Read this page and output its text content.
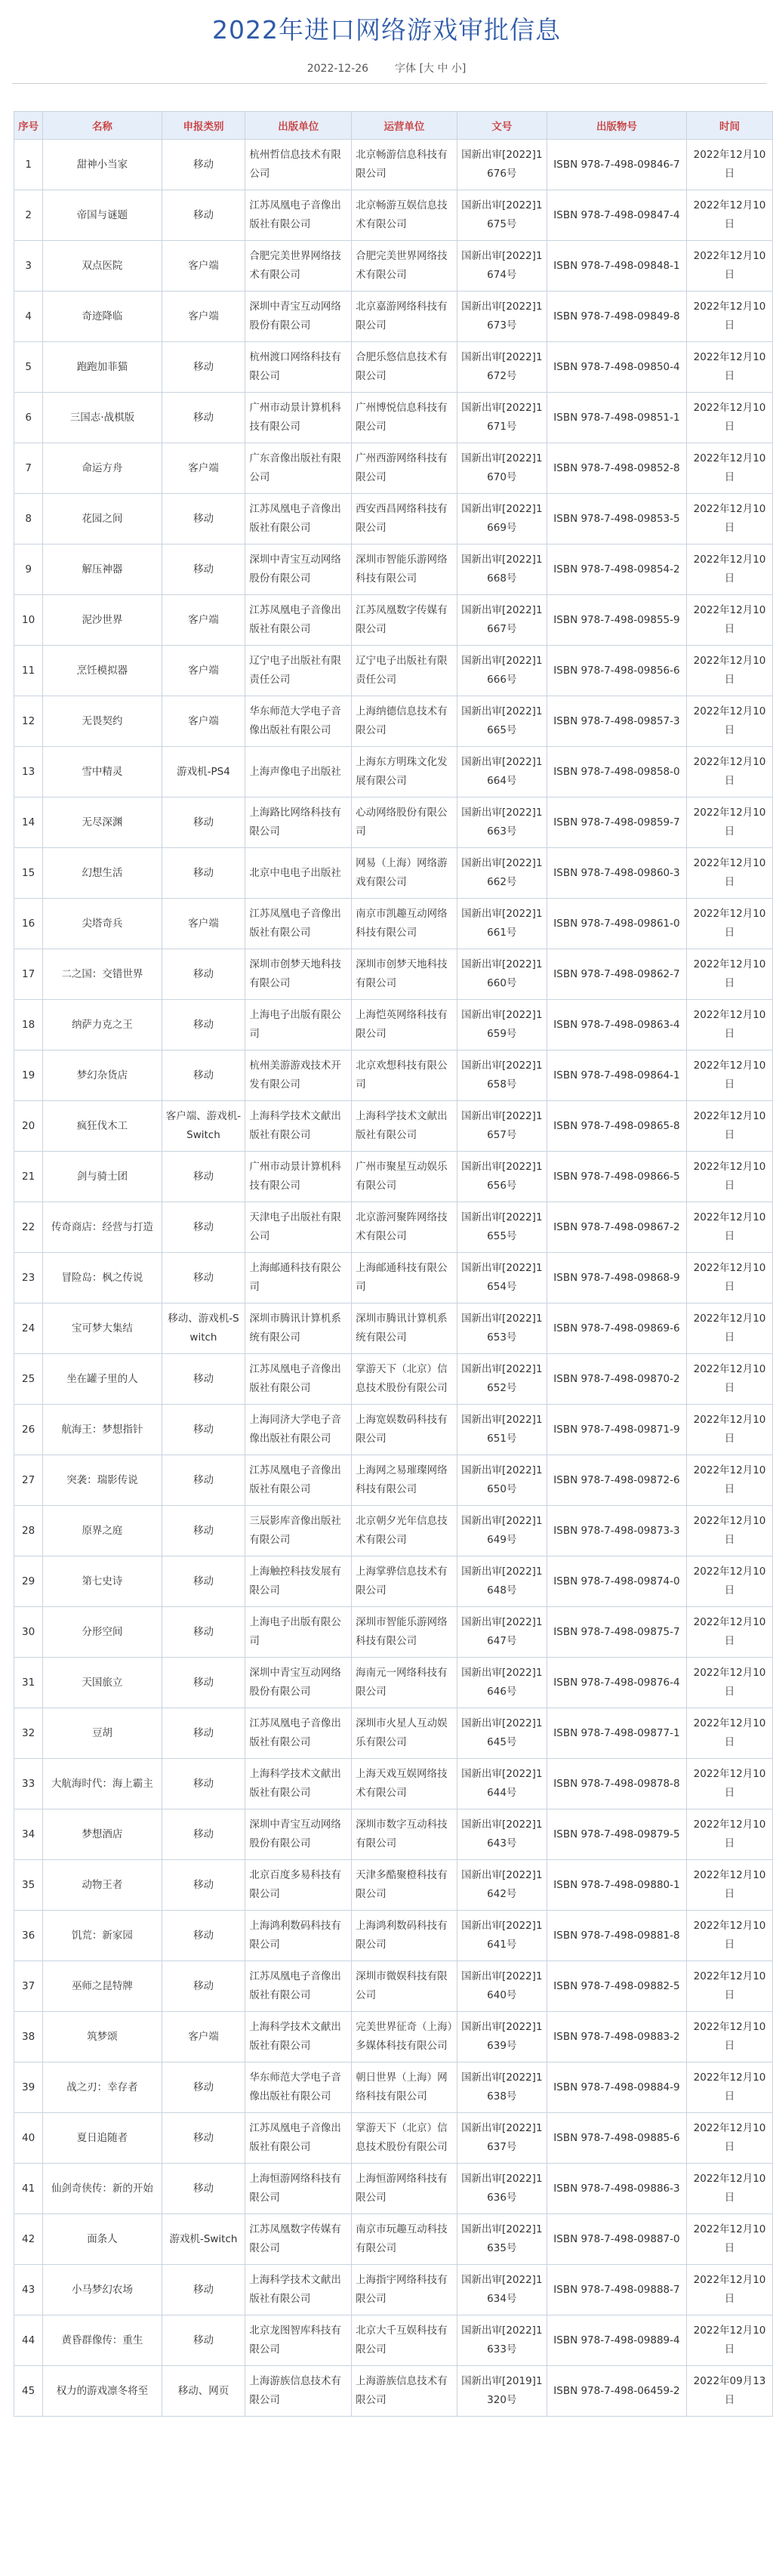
2022年进口网络游戏审批信息
2022-12-26 字体 [大 中 小]
序号	名称	申报类别	出版单位	运营单位	文号	出版物号	时间
1	甜神小当家	移动	杭州哲信息技术有限公司	北京畅游信息科技有限公司	国新出审[2022]1676号	ISBN 978-7-498-09846-7	2022年12月10日
2	帝国与谜题	移动	江苏凤凰电子音像出版社有限公司	北京畅游互娱信息技术有限公司	国新出审[2022]1675号	ISBN 978-7-498-09847-4	2022年12月10日
3	双点医院	客户端	合肥完美世界网络技术有限公司	合肥完美世界网络技术有限公司	国新出审[2022]1674号	ISBN 978-7-498-09848-1	2022年12月10日
4	奇迹降临	客户端	深圳中青宝互动网络股份有限公司	北京嘉游网络科技有限公司	国新出审[2022]1673号	ISBN 978-7-498-09849-8	2022年12月10日
5	跑跑加菲猫	移动	杭州渡口网络科技有限公司	合肥乐悠信息技术有限公司	国新出审[2022]1672号	ISBN 978-7-498-09850-4	2022年12月10日
6	三国志·战棋版	移动	广州市动景计算机科技有限公司	广州博悦信息科技有限公司	国新出审[2022]1671号	ISBN 978-7-498-09851-1	2022年12月10日
7	命运方舟	客户端	广东音像出版社有限公司	广州西游网络科技有限公司	国新出审[2022]1670号	ISBN 978-7-498-09852-8	2022年12月10日
8	花园之间	移动	江苏凤凰电子音像出版社有限公司	西安西昌网络科技有限公司	国新出审[2022]1669号	ISBN 978-7-498-09853-5	2022年12月10日
9	解压神器	移动	深圳中青宝互动网络股份有限公司	深圳市智能乐游网络科技有限公司	国新出审[2022]1668号	ISBN 978-7-498-09854-2	2022年12月10日
10	泥沙世界	客户端	江苏凤凰电子音像出版社有限公司	江苏凤凰数字传媒有限公司	国新出审[2022]1667号	ISBN 978-7-498-09855-9	2022年12月10日
11	烹饪模拟器	客户端	辽宁电子出版社有限责任公司	辽宁电子出版社有限责任公司	国新出审[2022]1666号	ISBN 978-7-498-09856-6	2022年12月10日
12	无畏契约	客户端	华东师范大学电子音像出版社有限公司	上海纳德信息技术有限公司	国新出审[2022]1665号	ISBN 978-7-498-09857-3	2022年12月10日
13	雪中精灵	游戏机-PS4	上海声像电子出版社	上海东方明珠文化发展有限公司	国新出审[2022]1664号	ISBN 978-7-498-09858-0	2022年12月10日
14	无尽深渊	移动	上海路比网络科技有限公司	心动网络股份有限公司	国新出审[2022]1663号	ISBN 978-7-498-09859-7	2022年12月10日
15	幻想生活	移动	北京中电电子出版社	网易（上海）网络游戏有限公司	国新出审[2022]1662号	ISBN 978-7-498-09860-3	2022年12月10日
16	尖塔奇兵	客户端	江苏凤凰电子音像出版社有限公司	南京市凯趣互动网络科技有限公司	国新出审[2022]1661号	ISBN 978-7-498-09861-0	2022年12月10日
17	二之国：交错世界	移动	深圳市创梦天地科技有限公司	深圳市创梦天地科技有限公司	国新出审[2022]1660号	ISBN 978-7-498-09862-7	2022年12月10日
18	纳萨力克之王	移动	上海电子出版有限公司	上海恺英网络科技有限公司	国新出审[2022]1659号	ISBN 978-7-498-09863-4	2022年12月10日
19	梦幻杂货店	移动	杭州美游游戏技术开发有限公司	北京欢想科技有限公司	国新出审[2022]1658号	ISBN 978-7-498-09864-1	2022年12月10日
20	疯狂伐木工	客户端、游戏机-Switch	上海科学技术文献出版社有限公司	上海科学技术文献出版社有限公司	国新出审[2022]1657号	ISBN 978-7-498-09865-8	2022年12月10日
21	剑与骑士团	移动	广州市动景计算机科技有限公司	广州市聚星互动娱乐有限公司	国新出审[2022]1656号	ISBN 978-7-498-09866-5	2022年12月10日
22	传奇商店：经营与打造	移动	天津电子出版社有限公司	北京游河聚阵网络技术有限公司	国新出审[2022]1655号	ISBN 978-7-498-09867-2	2022年12月10日
23	冒险岛：枫之传说	移动	上海邮通科技有限公司	上海邮通科技有限公司	国新出审[2022]1654号	ISBN 978-7-498-09868-9	2022年12月10日
24	宝可梦大集结	移动、游戏机-Switch	深圳市腾讯计算机系统有限公司	深圳市腾讯计算机系统有限公司	国新出审[2022]1653号	ISBN 978-7-498-09869-6	2022年12月10日
25	坐在罐子里的人	移动	江苏凤凰电子音像出版社有限公司	掌游天下（北京）信息技术股份有限公司	国新出审[2022]1652号	ISBN 978-7-498-09870-2	2022年12月10日
26	航海王：梦想指针	移动	上海同济大学电子音像出版社有限公司	上海宽娱数码科技有限公司	国新出审[2022]1651号	ISBN 978-7-498-09871-9	2022年12月10日
27	突袭：瑞影传说	移动	江苏凤凰电子音像出版社有限公司	上海网之易璀璨网络科技有限公司	国新出审[2022]1650号	ISBN 978-7-498-09872-6	2022年12月10日
28	原界之庭	移动	三辰影库音像出版社有限公司	北京朝夕光年信息技术有限公司	国新出审[2022]1649号	ISBN 978-7-498-09873-3	2022年12月10日
29	第七史诗	移动	上海触控科技发展有限公司	上海掌骅信息技术有限公司	国新出审[2022]1648号	ISBN 978-7-498-09874-0	2022年12月10日
30	分形空间	移动	上海电子出版有限公司	深圳市智能乐游网络科技有限公司	国新出审[2022]1647号	ISBN 978-7-498-09875-7	2022年12月10日
31	天国旅立	移动	深圳中青宝互动网络股份有限公司	海南元一网络科技有限公司	国新出审[2022]1646号	ISBN 978-7-498-09876-4	2022年12月10日
32	豆胡	移动	江苏凤凰电子音像出版社有限公司	深圳市火星人互动娱乐有限公司	国新出审[2022]1645号	ISBN 978-7-498-09877-1	2022年12月10日
33	大航海时代：海上霸主	移动	上海科学技术文献出版社有限公司	上海天戏互娱网络技术有限公司	国新出审[2022]1644号	ISBN 978-7-498-09878-8	2022年12月10日
34	梦想酒店	移动	深圳中青宝互动网络股份有限公司	深圳市数字互动科技有限公司	国新出审[2022]1643号	ISBN 978-7-498-09879-5	2022年12月10日
35	动物王者	移动	北京百度多易科技有限公司	天津多酷聚橙科技有限公司	国新出审[2022]1642号	ISBN 978-7-498-09880-1	2022年12月10日
36	饥荒：新家园	移动	上海鸿利数码科技有限公司	上海鸿利数码科技有限公司	国新出审[2022]1641号	ISBN 978-7-498-09881-8	2022年12月10日
37	巫师之昆特牌	移动	江苏凤凰电子音像出版社有限公司	深圳市微娱科技有限公司	国新出审[2022]1640号	ISBN 978-7-498-09882-5	2022年12月10日
38	筑梦颂	客户端	上海科学技术文献出版社有限公司	完美世界征奇（上海）多媒体科技有限公司	国新出审[2022]1639号	ISBN 978-7-498-09883-2	2022年12月10日
39	战之刃：幸存者	移动	华东师范大学电子音像出版社有限公司	朝日世界（上海）网络科技有限公司	国新出审[2022]1638号	ISBN 978-7-498-09884-9	2022年12月10日
40	夏日追随者	移动	江苏凤凰电子音像出版社有限公司	掌游天下（北京）信息技术股份有限公司	国新出审[2022]1637号	ISBN 978-7-498-09885-6	2022年12月10日
41	仙剑奇侠传：新的开始	移动	上海恒游网络科技有限公司	上海恒游网络科技有限公司	国新出审[2022]1636号	ISBN 978-7-498-09886-3	2022年12月10日
42	面条人	游戏机-Switch	江苏凤凰数字传媒有限公司	南京市玩趣互动科技有限公司	国新出审[2022]1635号	ISBN 978-7-498-09887-0	2022年12月10日
43	小马梦幻农场	移动	上海科学技术文献出版社有限公司	上海指宇网络科技有限公司	国新出审[2022]1634号	ISBN 978-7-498-09888-7	2022年12月10日
44	黄昏群像传：重生	移动	北京龙图智库科技有限公司	北京大千互娱科技有限公司	国新出审[2022]1633号	ISBN 978-7-498-09889-4	2022年12月10日
45	权力的游戏凛冬将至	移动、网页	上海游族信息技术有限公司	上海游族信息技术有限公司	国新出审[2019]1320号	ISBN 978-7-498-06459-2	2022年09月13日
